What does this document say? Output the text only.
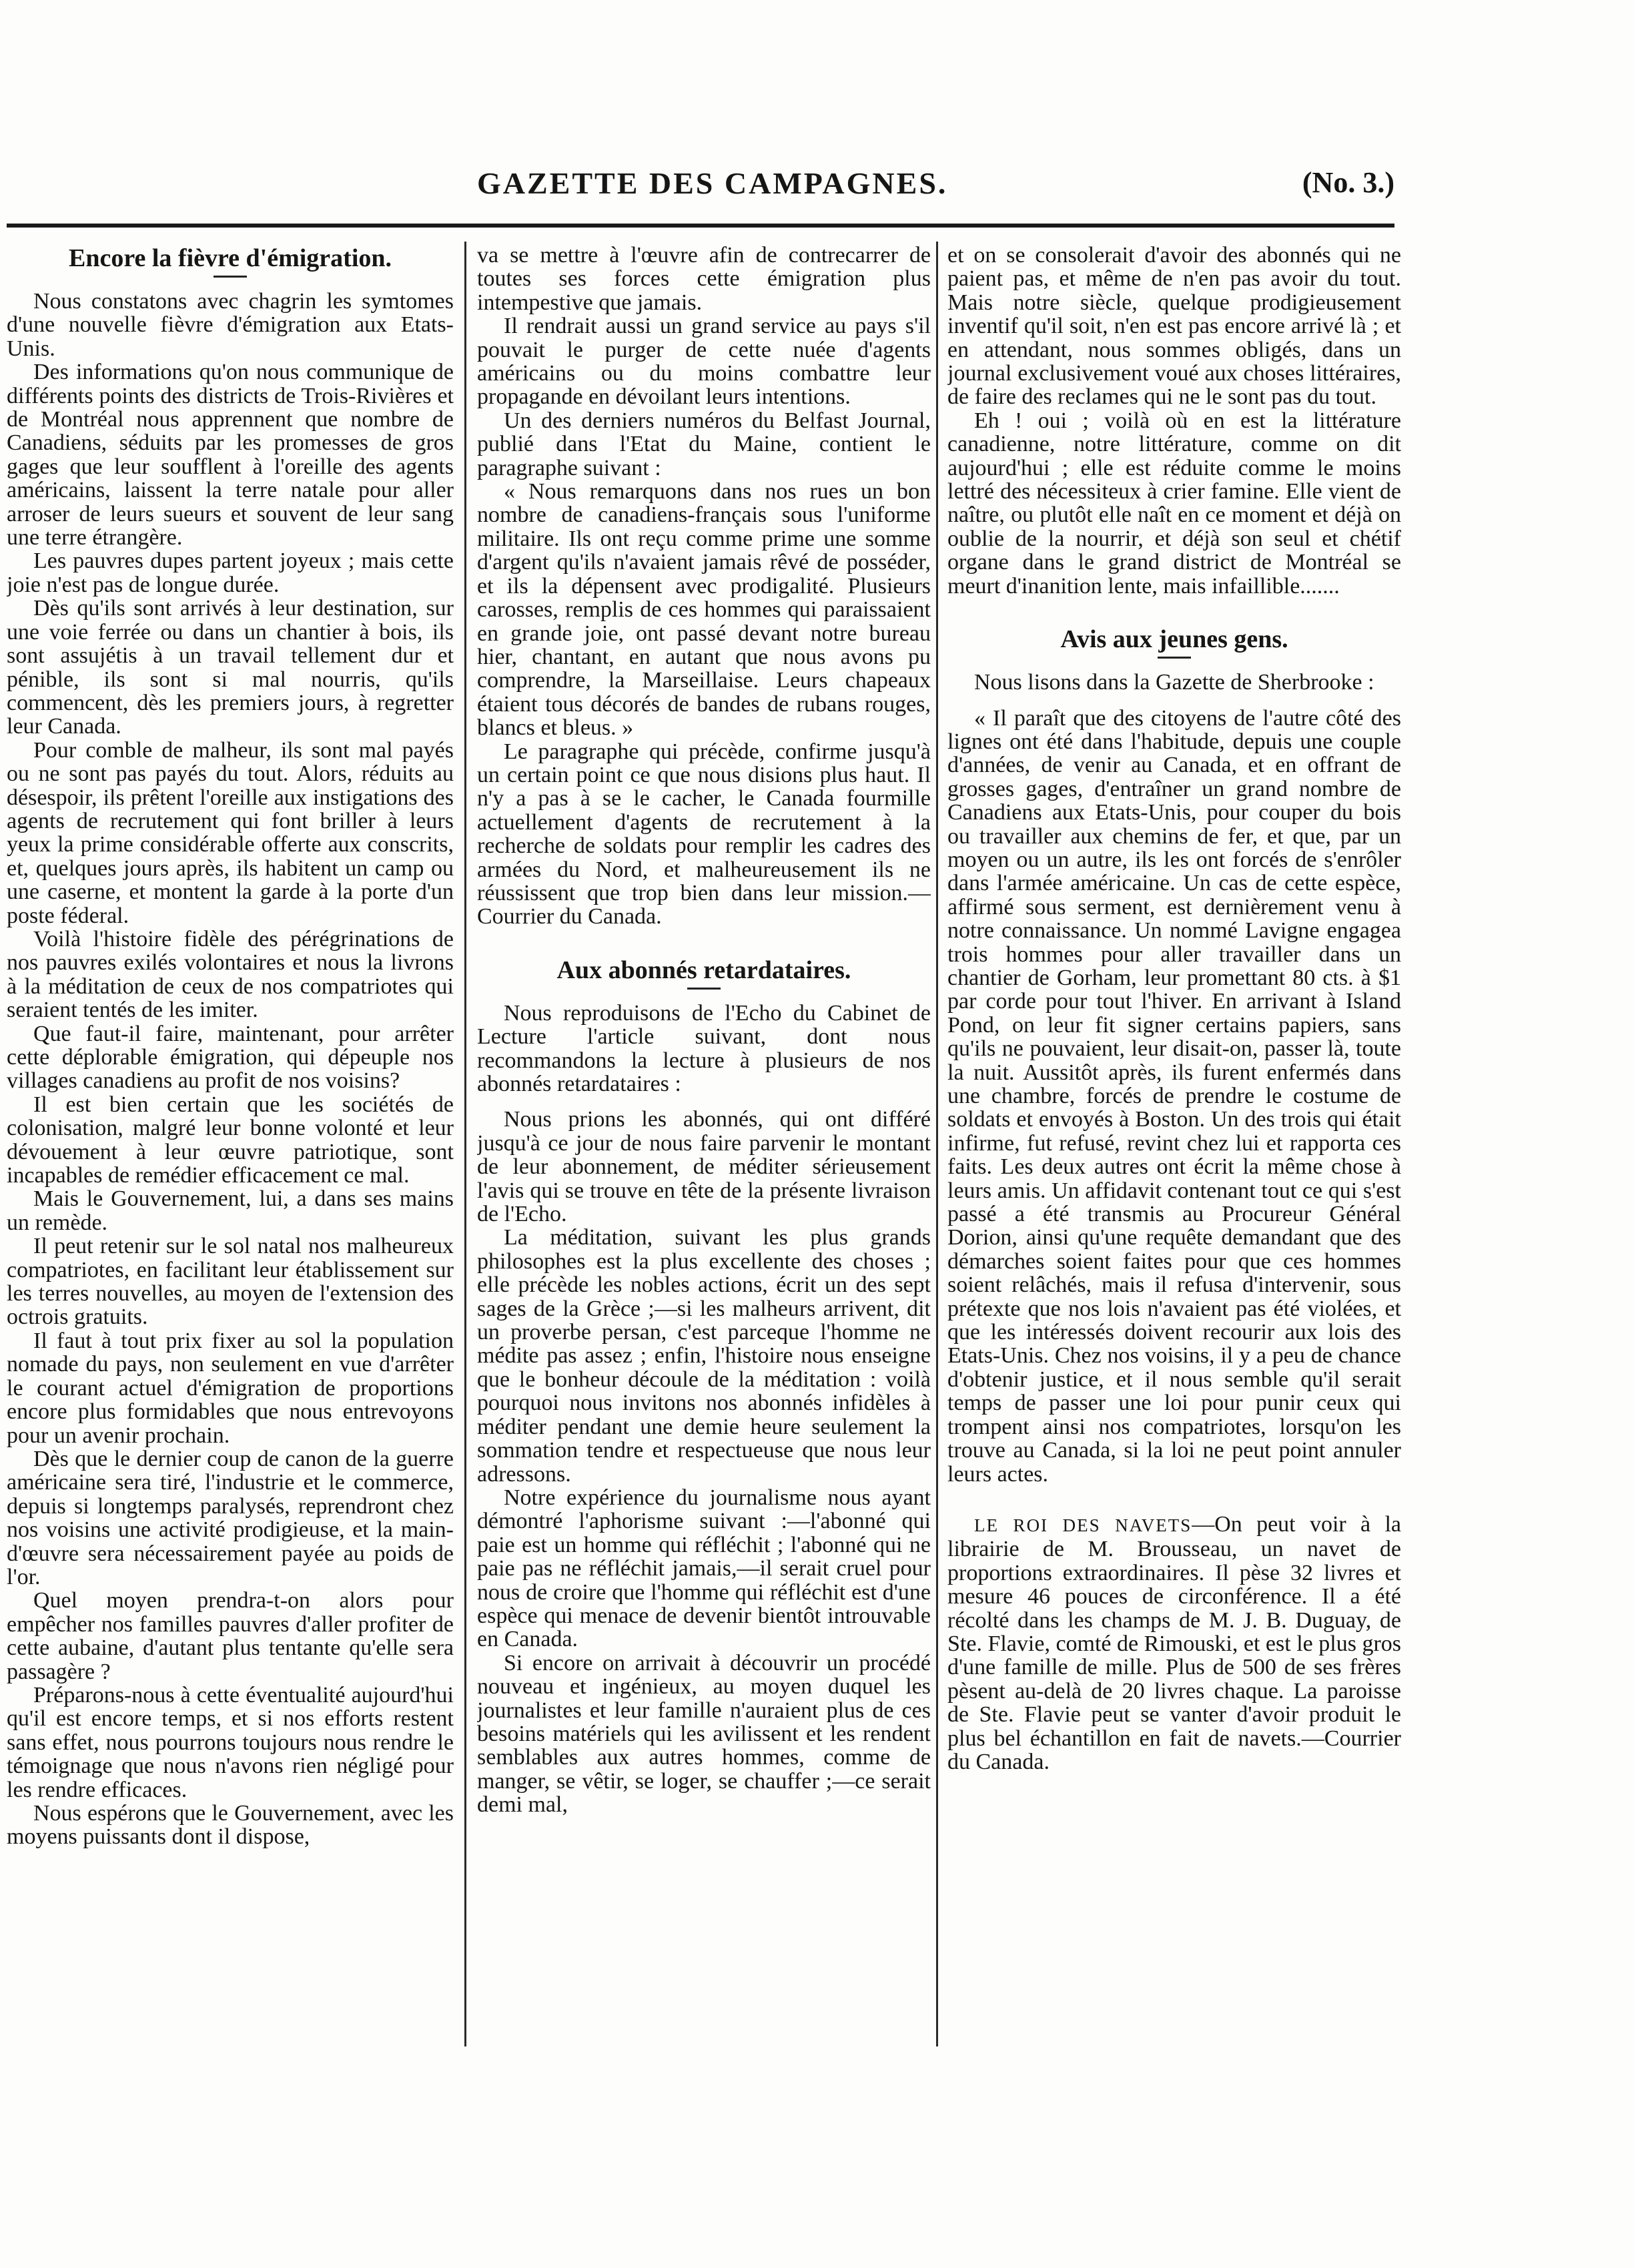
GAZETTE DES CAMPAGNES.	(No. 3.)
Encore la fièvre d'émigration.

Nous constatons avec chagrin les symtomes d'une nouvelle fièvre d'émigration aux Etats-Unis.

Des informations qu'on nous communique de différents points des districts de Trois-Rivières et de Montréal nous apprennent que nombre de Canadiens, séduits par les promesses de gros gages que leur soufflent à l'oreille des agents américains, laissent la terre natale pour aller arroser de leurs sueurs et souvent de leur sang une terre étrangère.

Les pauvres dupes partent joyeux ; mais cette joie n'est pas de longue durée.

Dès qu'ils sont arrivés à leur destination, sur une voie ferrée ou dans un chantier à bois, ils sont assujétis à un travail tellement dur et pénible, ils sont si mal nourris, qu'ils commencent, dès les premiers jours, à regretter leur Canada.

Pour comble de malheur, ils sont mal payés ou ne sont pas payés du tout. Alors, réduits au désespoir, ils prêtent l'oreille aux instigations des agents de recrutement qui font briller à leurs yeux la prime considérable offerte aux conscrits, et, quelques jours après, ils habitent un camp ou une caserne, et montent la garde à la porte d'un poste féderal.

Voilà l'histoire fidèle des pérégrinations de nos pauvres exilés volontaires et nous la livrons à la méditation de ceux de nos compatriotes qui seraient tentés de les imiter.

Que faut-il faire, maintenant, pour arrêter cette déplorable émigration, qui dépeuple nos villages canadiens au profit de nos voisins?

Il est bien certain que les sociétés de colonisation, malgré leur bonne volonté et leur dévouement à leur œuvre patriotique, sont incapables de remédier efficacement ce mal.

Mais le Gouvernement, lui, a dans ses mains un remède.

Il peut retenir sur le sol natal nos malheureux compatriotes, en facilitant leur établissement sur les terres nouvelles, au moyen de l'extension des octrois gratuits.

Il faut à tout prix fixer au sol la population nomade du pays, non seulement en vue d'arrêter le courant actuel d'émigration de proportions encore plus formidables que nous entrevoyons pour un avenir prochain.

Dès que le dernier coup de canon de la guerre américaine sera tiré, l'industrie et le commerce, depuis si longtemps paralysés, reprendront chez nos voisins une activité prodigieuse, et la main-d'œuvre sera nécessairement payée au poids de l'or.

Quel moyen prendra-t-on alors pour empêcher nos familles pauvres d'aller profiter de cette aubaine, d'autant plus tentante qu'elle sera passagère ?

Préparons-nous à cette éventualité aujourd'hui qu'il est encore temps, et si nos efforts restent sans effet, nous pourrons toujours nous rendre le témoignage que nous n'avons rien négligé pour les rendre efficaces.

Nous espérons que le Gouvernement, avec les moyens puissants dont il dispose,

va se mettre à l'œuvre afin de contrecarrer de toutes ses forces cette émigration plus intempestive que jamais.

Il rendrait aussi un grand service au pays s'il pouvait le purger de cette nuée d'agents américains ou du moins combattre leur propagande en dévoilant leurs intentions.

Un des derniers numéros du Belfast Journal, publié dans l'Etat du Maine, contient le paragraphe suivant :

« Nous remarquons dans nos rues un bon nombre de canadiens-français sous l'uniforme militaire. Ils ont reçu comme prime une somme d'argent qu'ils n'avaient jamais rêvé de posséder, et ils la dépensent avec prodigalité. Plusieurs carosses, remplis de ces hommes qui paraissaient en grande joie, ont passé devant notre bureau hier, chantant, en autant que nous avons pu comprendre, la Marseillaise. Leurs chapeaux étaient tous décorés de bandes de rubans rouges, blancs et bleus. »

Le paragraphe qui précède, confirme jusqu'à un certain point ce que nous disions plus haut. Il n'y a pas à se le cacher, le Canada fourmille actuellement d'agents de recrutement à la recherche de soldats pour remplir les cadres des armées du Nord, et malheureusement ils ne réussissent que trop bien dans leur mission.—Courrier du Canada.

Aux abonnés retardataires.

Nous reproduisons de l'Echo du Cabinet de Lecture l'article suivant, dont nous recommandons la lecture à plusieurs de nos abonnés retardataires :

Nous prions les abonnés, qui ont différé jusqu'à ce jour de nous faire parvenir le montant de leur abonnement, de méditer sérieusement l'avis qui se trouve en tête de la présente livraison de l'Echo.

La méditation, suivant les plus grands philosophes est la plus excellente des choses ; elle précède les nobles actions, écrit un des sept sages de la Grèce ;—si les malheurs arrivent, dit un proverbe persan, c'est parceque l'homme ne médite pas assez ; enfin, l'histoire nous enseigne que le bonheur découle de la méditation : voilà pourquoi nous invitons nos abonnés infidèles à méditer pendant une demie heure seulement la sommation tendre et respectueuse que nous leur adressons.

Notre expérience du journalisme nous ayant démontré l'aphorisme suivant :—l'abonné qui paie est un homme qui réfléchit ; l'abonné qui ne paie pas ne réfléchit jamais,—il serait cruel pour nous de croire que l'homme qui réfléchit est d'une espèce qui menace de devenir bientôt introuvable en Canada.

Si encore on arrivait à découvrir un procédé nouveau et ingénieux, au moyen duquel les journalistes et leur famille n'auraient plus de ces besoins matériels qui les avilissent et les rendent semblables aux autres hommes, comme de manger, se vêtir, se loger, se chauffer ;—ce serait demi mal,

et on se consolerait d'avoir des abonnés qui ne paient pas, et même de n'en pas avoir du tout. Mais notre siècle, quelque prodigieusement inventif qu'il soit, n'en est pas encore arrivé là ; et en attendant, nous sommes obligés, dans un journal exclusivement voué aux choses littéraires, de faire des reclames qui ne le sont pas du tout.

Eh ! oui ; voilà où en est la littérature canadienne, notre littérature, comme on dit aujourd'hui ; elle est réduite comme le moins lettré des nécessiteux à crier famine. Elle vient de naître, ou plutôt elle naît en ce moment et déjà on oublie de la nourrir, et déjà son seul et chétif organe dans le grand district de Montréal se meurt d'inanition lente, mais infaillible.......

Avis aux jeunes gens.

Nous lisons dans la Gazette de Sherbrooke :

« Il paraît que des citoyens de l'autre côté des lignes ont été dans l'habitude, depuis une couple d'années, de venir au Canada, et en offrant de grosses gages, d'entraîner un grand nombre de Canadiens aux Etats-Unis, pour couper du bois ou travailler aux chemins de fer, et que, par un moyen ou un autre, ils les ont forcés de s'enrôler dans l'armée américaine. Un cas de cette espèce, affirmé sous serment, est dernièrement venu à notre connaissance. Un nommé Lavigne engagea trois hommes pour aller travailler dans un chantier de Gorham, leur promettant 80 cts. à $1 par corde pour tout l'hiver. En arrivant à Island Pond, on leur fit signer certains papiers, sans qu'ils ne pouvaient, leur disait-on, passer là, toute la nuit. Aussitôt après, ils furent enfermés dans une chambre, forcés de prendre le costume de soldats et envoyés à Boston. Un des trois qui était infirme, fut refusé, revint chez lui et rapporta ces faits. Les deux autres ont écrit la même chose à leurs amis. Un affidavit contenant tout ce qui s'est passé a été transmis au Procureur Général Dorion, ainsi qu'une requête demandant que des démarches soient faites pour que ces hommes soient relâchés, mais il refusa d'intervenir, sous prétexte que nos lois n'avaient pas été violées, et que les intéressés doivent recourir aux lois des Etats-Unis. Chez nos voisins, il y a peu de chance d'obtenir justice, et il nous semble qu'il serait temps de passer une loi pour punir ceux qui trompent ainsi nos compatriotes, lorsqu'on les trouve au Canada, si la loi ne peut point annuler leurs actes.

LE ROI DES NAVETS—On peut voir à la librairie de M. Brousseau, un navet de proportions extraordinaires. Il pèse 32 livres et mesure 46 pouces de circonférence. Il a été récolté dans les champs de M. J. B. Duguay, de Ste. Flavie, comté de Rimouski, et est le plus gros d'une famille de mille. Plus de 500 de ses frères pèsent au-delà de 20 livres chaque. La paroisse de Ste. Flavie peut se vanter d'avoir produit le plus bel échantillon en fait de navets.—Courrier du Canada.
